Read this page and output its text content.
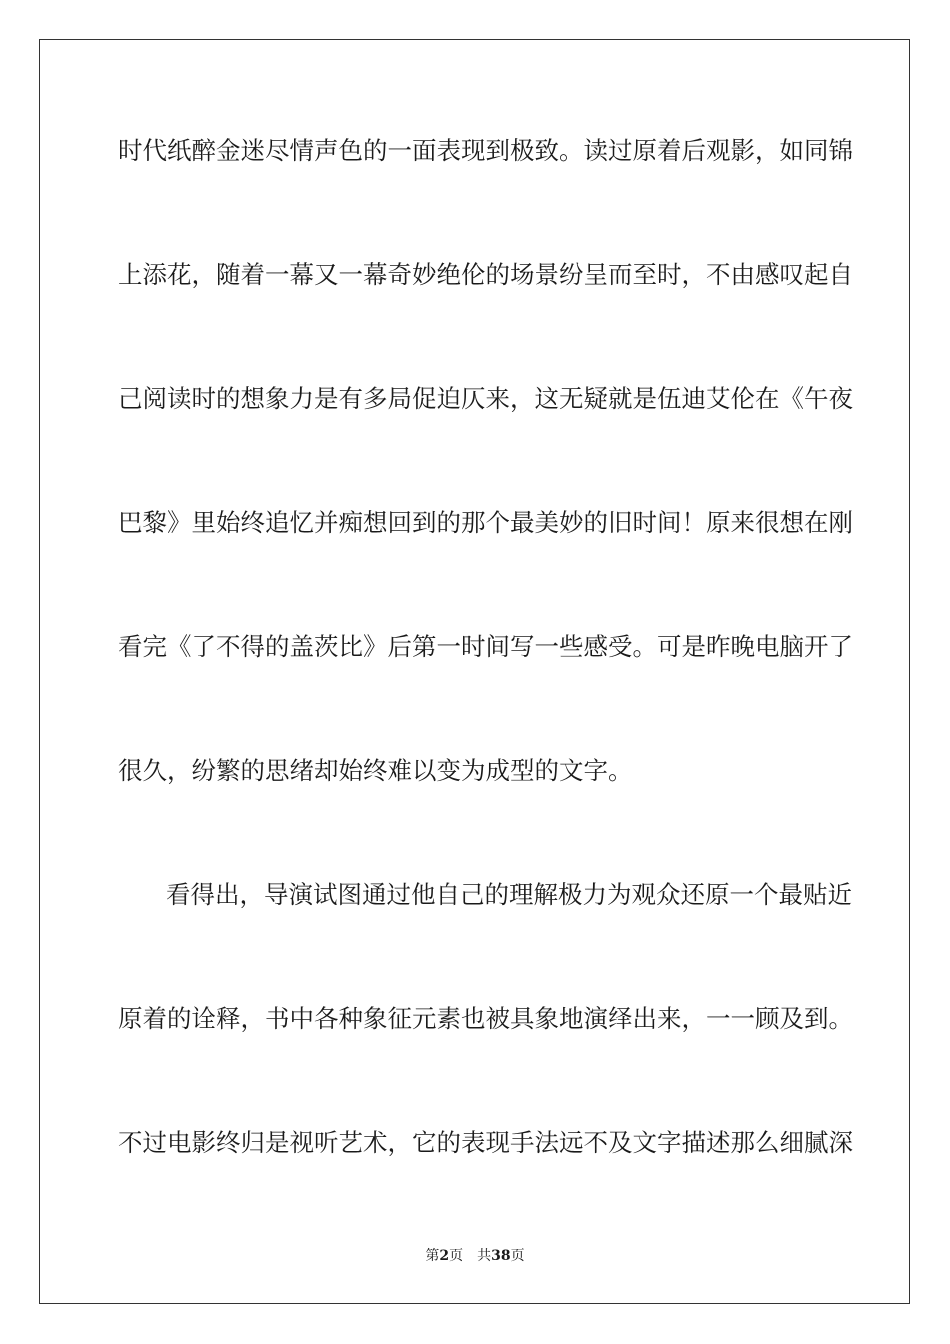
时代纸醉金迷尽情声色的一面表现到极致。读过原着后观影，如同锦
上添花，随着一幕又一幕奇妙绝伦的场景纷呈而至时，不由感叹起自
己阅读时的想象力是有多局促迫仄来，这无疑就是伍迪艾伦在《午夜
巴黎》里始终追忆并痴想回到的那个最美妙的旧时间！原来很想在刚
看完《了不得的盖茨比》后第一时间写一些感受。可是昨晚电脑开了
很久，纷繁的思绪却始终难以变为成型的文字。
看得出，导演试图通过他自己的理解极力为观众还原一个最贴近
原着的诠释，书中各种象征元素也被具象地演绎出来，一一顾及到。
不过电影终归是视听艺术，它的表现手法远不及文字描述那么细腻深
第2页 共38页
